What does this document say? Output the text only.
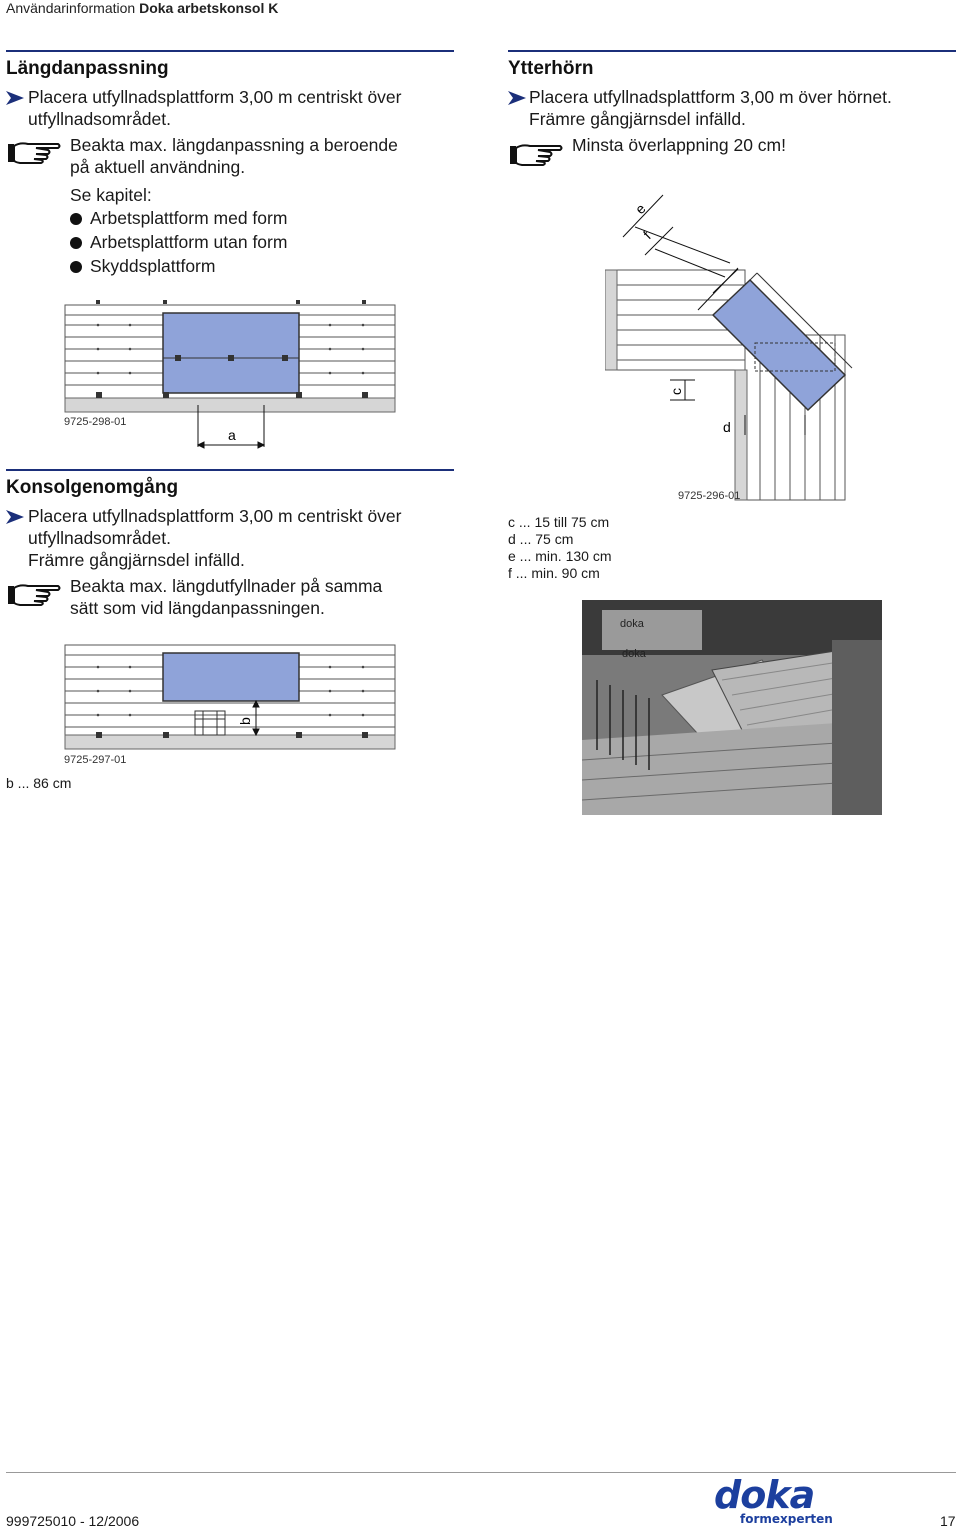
Användarinformation Doka arbetskonsol K
Längdanpassning
Placera utfyllnadsplattform 3,00 m centriskt över
utfyllnadsområdet.
Beakta max. längdanpassning a beroende
på aktuell användning.
Se kapitel:
Arbetsplattform med form
Arbetsplattform utan form
Skyddsplattform
a
9725-298-01
Ytterhörn
Placera utfyllnadsplattform 3,00 m över hörnet.
Främre gångjärnsdel infälld.
Minsta överlappning 20 cm!
e
f
c
d
9725-296-01
c ... 15 till 75 cm
d ... 75 cm
e ... min. 130 cm
f ... min. 90 cm
Konsolgenomgång
Placera utfyllnadsplattform 3,00 m centriskt över
utfyllnadsområdet.
Främre gångjärnsdel infälld.
Beakta max. längdutfyllnader på samma
sätt som vid längdanpassningen.
b
9725-297-01
b ... 86 cm
doka
doka
999725010 - 12/2006
doka
formexperten	17
